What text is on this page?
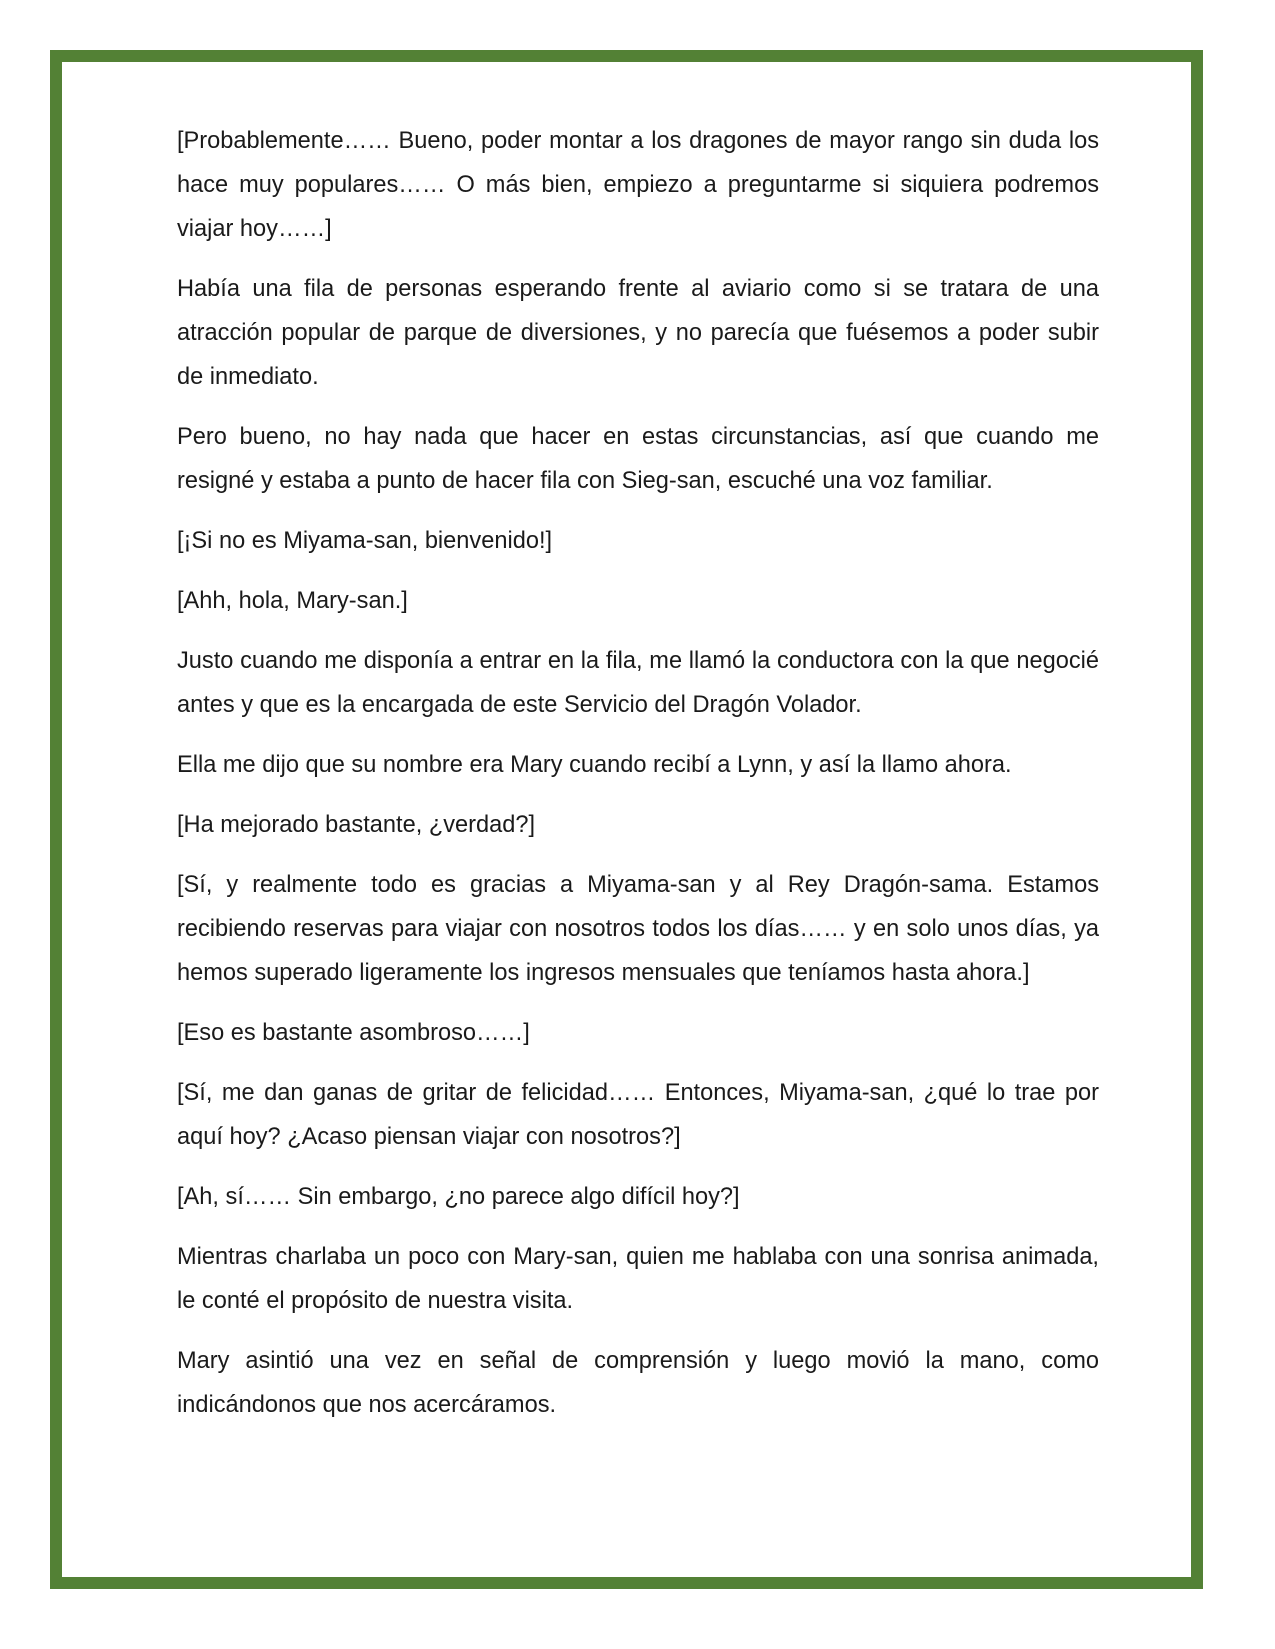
[Probablemente…… Bueno, poder montar a los dragones de mayor rango sin duda los hace muy populares…… O más bien, empiezo a preguntarme si siquiera podremos viajar hoy……]

Había una fila de personas esperando frente al aviario como si se tratara de una atracción popular de parque de diversiones, y no parecía que fuésemos a poder subir de inmediato.

Pero bueno, no hay nada que hacer en estas circunstancias, así que cuando me resigné y estaba a punto de hacer fila con Sieg-san, escuché una voz familiar.

[¡Si no es Miyama-san, bienvenido!]

[Ahh, hola, Mary-san.]

Justo cuando me disponía a entrar en la fila, me llamó la conductora con la que negocié antes y que es la encargada de este Servicio del Dragón Volador.

Ella me dijo que su nombre era Mary cuando recibí a Lynn, y así la llamo ahora.

[Ha mejorado bastante, ¿verdad?]

[Sí, y realmente todo es gracias a Miyama-san y al Rey Dragón-sama. Estamos recibiendo reservas para viajar con nosotros todos los días…… y en solo unos días, ya hemos superado ligeramente los ingresos mensuales que teníamos hasta ahora.]

[Eso es bastante asombroso……]

[Sí, me dan ganas de gritar de felicidad…… Entonces, Miyama-san, ¿qué lo trae por aquí hoy? ¿Acaso piensan viajar con nosotros?]

[Ah, sí…… Sin embargo, ¿no parece algo difícil hoy?]

Mientras charlaba un poco con Mary-san, quien me hablaba con una sonrisa animada, le conté el propósito de nuestra visita.

Mary asintió una vez en señal de comprensión y luego movió la mano, como indicándonos que nos acercáramos.
